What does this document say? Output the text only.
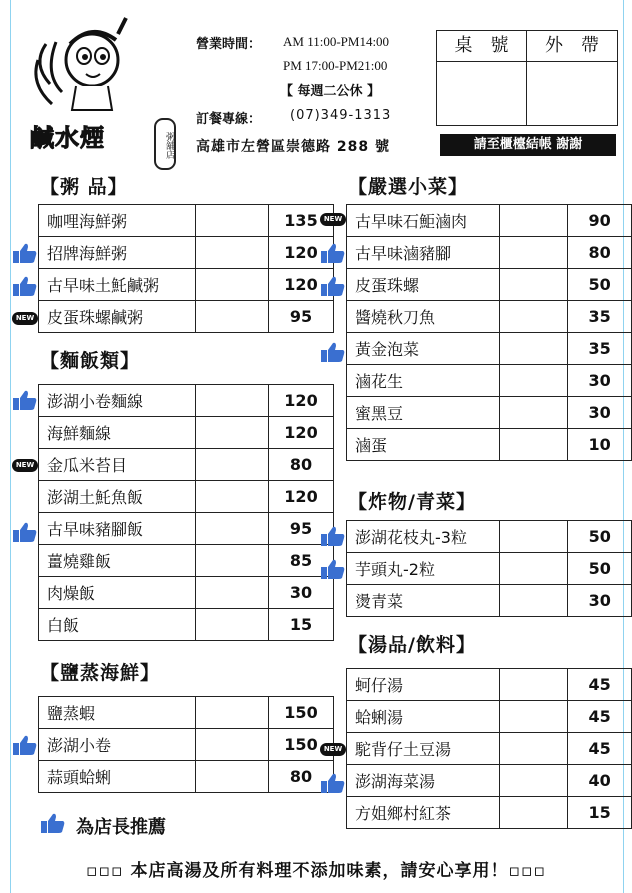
鹹水煙	粥舖店
營業時間： AM 11:00-PM14:00
PM 17:00-PM21:00
【 每週二公休 】
訂餐專線： (07)349-1313
高雄市左營區崇德路 288 號	請至櫃檯結帳 謝謝
桌　號	外　帶
【粥 品】
【麵飯類】
【鹽蒸海鮮】
【嚴選小菜】
【炸物/青菜】
【湯品/飲料】
咖哩海鮮粥		135
招牌海鮮粥		120
古早味土魠鹹粥		120
皮蛋珠螺鹹粥		95
澎湖小卷麵線		120
海鮮麵線		120
金瓜米苔目		80
澎湖土魠魚飯		120
古早味豬腳飯		95
薑燒雞飯		85
肉燥飯		30
白飯		15
鹽蒸蝦		150
澎湖小卷		150
蒜頭蛤蜊		80
古早味石鮔滷肉		90
古早味滷豬腳		80
皮蛋珠螺		50
醬燒秋刀魚		35
黃金泡菜		35
滷花生		30
蜜黑豆		30
滷蛋		10
澎湖花枝丸-3粒		50
芋頭丸-2粒		50
燙青菜		30
蚵仔湯		45
蛤蜊湯		45
駝背仔土豆湯		45
澎湖海菜湯		40
方姐鄉村紅茶		15
NEW
NEW
NEW
NEW
為店長推薦
▫▫▫ 本店高湯及所有料理不添加味素，請安心享用！▫▫▫
